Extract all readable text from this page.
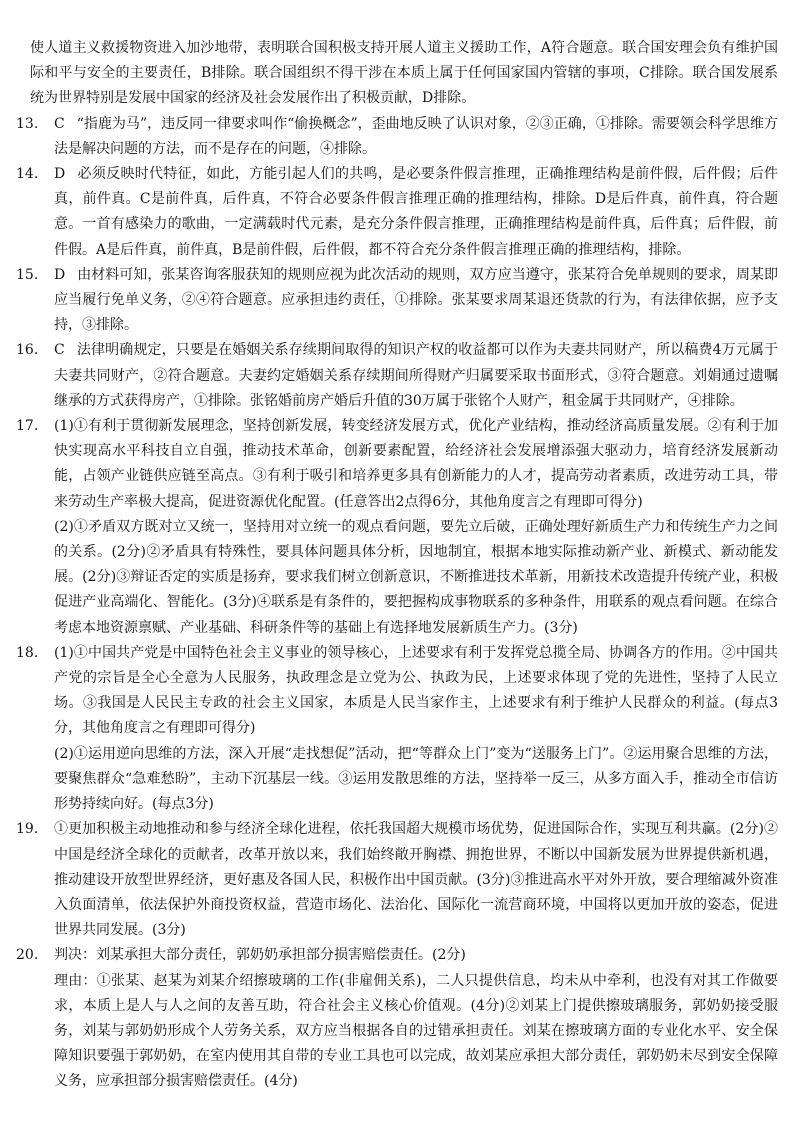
使人道主义救援物资进入加沙地带，表明联合国积极支持开展人道主义援助工作，A符合题意。联合国安理会负有维护国际和平与安全的主要责任，B排除。联合国组织不得干涉在本质上属于任何国家国内管辖的事项，C排除。联合国发展系统为世界特别是发展中国家的经济及社会发展作出了积极贡献，D排除。

13. C “指鹿为马”，违反同一律要求叫作“偷换概念”，歪曲地反映了认识对象，②③正确，①排除。需要领会科学思维方法是解决问题的方法，而不是存在的问题，④排除。

14. D 必须反映时代特征，如此，方能引起人们的共鸣，是必要条件假言推理，正确推理结构是前件假，后件假；后件真，前件真。C是前件真，后件真，不符合必要条件假言推理正确的推理结构，排除。D是后件真，前件真，符合题意。一首有感染力的歌曲，一定满载时代元素，是充分条件假言推理，正确推理结构是前件真，后件真；后件假，前件假。A是后件真，前件真，B是前件假，后件假，都不符合充分条件假言推理正确的推理结构，排除。

15. D 由材料可知，张某咨询客服获知的规则应视为此次活动的规则，双方应当遵守，张某符合免单规则的要求，周某即应当履行免单义务，②④符合题意。应承担违约责任，①排除。张某要求周某退还货款的行为，有法律依据，应予支持，③排除。

16. C 法律明确规定，只要是在婚姻关系存续期间取得的知识产权的收益都可以作为夫妻共同财产，所以稿费4万元属于夫妻共同财产，②符合题意。夫妻约定婚姻关系存续期间所得财产归属要采取书面形式，③符合题意。刘娟通过遗嘱继承的方式获得房产，①排除。张铭婚前房产婚后升值的30万属于张铭个人财产，租金属于共同财产，④排除。

17. (1)①有利于贯彻新发展理念，坚持创新发展，转变经济发展方式，优化产业结构，推动经济高质量发展。②有利于加快实现高水平科技自立自强，推动技术革命，创新要素配置，给经济社会发展增添强大驱动力，培育经济发展新动能，占领产业链供应链至高点。③有利于吸引和培养更多具有创新能力的人才，提高劳动者素质，改进劳动工具，带来劳动生产率极大提高，促进资源优化配置。(任意答出2点得6分，其他角度言之有理即可得分)

(2)①矛盾双方既对立又统一，坚持用对立统一的观点看问题，要先立后破，正确处理好新质生产力和传统生产力之间的关系。(2分)②矛盾具有特殊性，要具体问题具体分析，因地制宜，根据本地实际推动新产业、新模式、新动能发展。(2分)③辩证否定的实质是扬弃，要求我们树立创新意识，不断推进技术革新，用新技术改造提升传统产业，积极促进产业高端化、智能化。(3分)④联系是有条件的，要把握构成事物联系的多种条件，用联系的观点看问题。在综合考虑本地资源禀赋、产业基础、科研条件等的基础上有选择地发展新质生产力。(3分)

18. (1)①中国共产党是中国特色社会主义事业的领导核心，上述要求有利于发挥党总揽全局、协调各方的作用。②中国共产党的宗旨是全心全意为人民服务，执政理念是立党为公、执政为民，上述要求体现了党的先进性，坚持了人民立场。③我国是人民民主专政的社会主义国家，本质是人民当家作主，上述要求有利于维护人民群众的利益。(每点3分，其他角度言之有理即可得分)

(2)①运用逆向思维的方法，深入开展“走找想促”活动，把“等群众上门”变为“送服务上门”。②运用聚合思维的方法，要聚焦群众“急难愁盼”，主动下沉基层一线。③运用发散思维的方法，坚持举一反三，从多方面入手，推动全市信访形势持续向好。(每点3分)

19. ①更加积极主动地推动和参与经济全球化进程，依托我国超大规模市场优势，促进国际合作，实现互利共赢。(2分)②中国是经济全球化的贡献者，改革开放以来，我们始终敞开胸襟、拥抱世界，不断以中国新发展为世界提供新机遇，推动建设开放型世界经济，更好惠及各国人民，积极作出中国贡献。(3分)③推进高水平对外开放，要合理缩减外资准入负面清单，依法保护外商投资权益，营造市场化、法治化、国际化一流营商环境，中国将以更加开放的姿态，促进世界共同发展。(3分)

20. 判决：刘某承担大部分责任，郭奶奶承担部分损害赔偿责任。(2分)

理由：①张某、赵某为刘某介绍擦玻璃的工作(非雇佣关系)，二人只提供信息，均未从中牵利，也没有对其工作做要求，本质上是人与人之间的友善互助，符合社会主义核心价值观。(4分)②刘某上门提供擦玻璃服务，郭奶奶接受服务，刘某与郭奶奶形成个人劳务关系，双方应当根据各自的过错承担责任。刘某在擦玻璃方面的专业化水平、安全保障知识要强于郭奶奶，在室内使用其自带的专业工具也可以完成，故刘某应承担大部分责任，郭奶奶未尽到安全保障义务，应承担部分损害赔偿责任。(4分)
